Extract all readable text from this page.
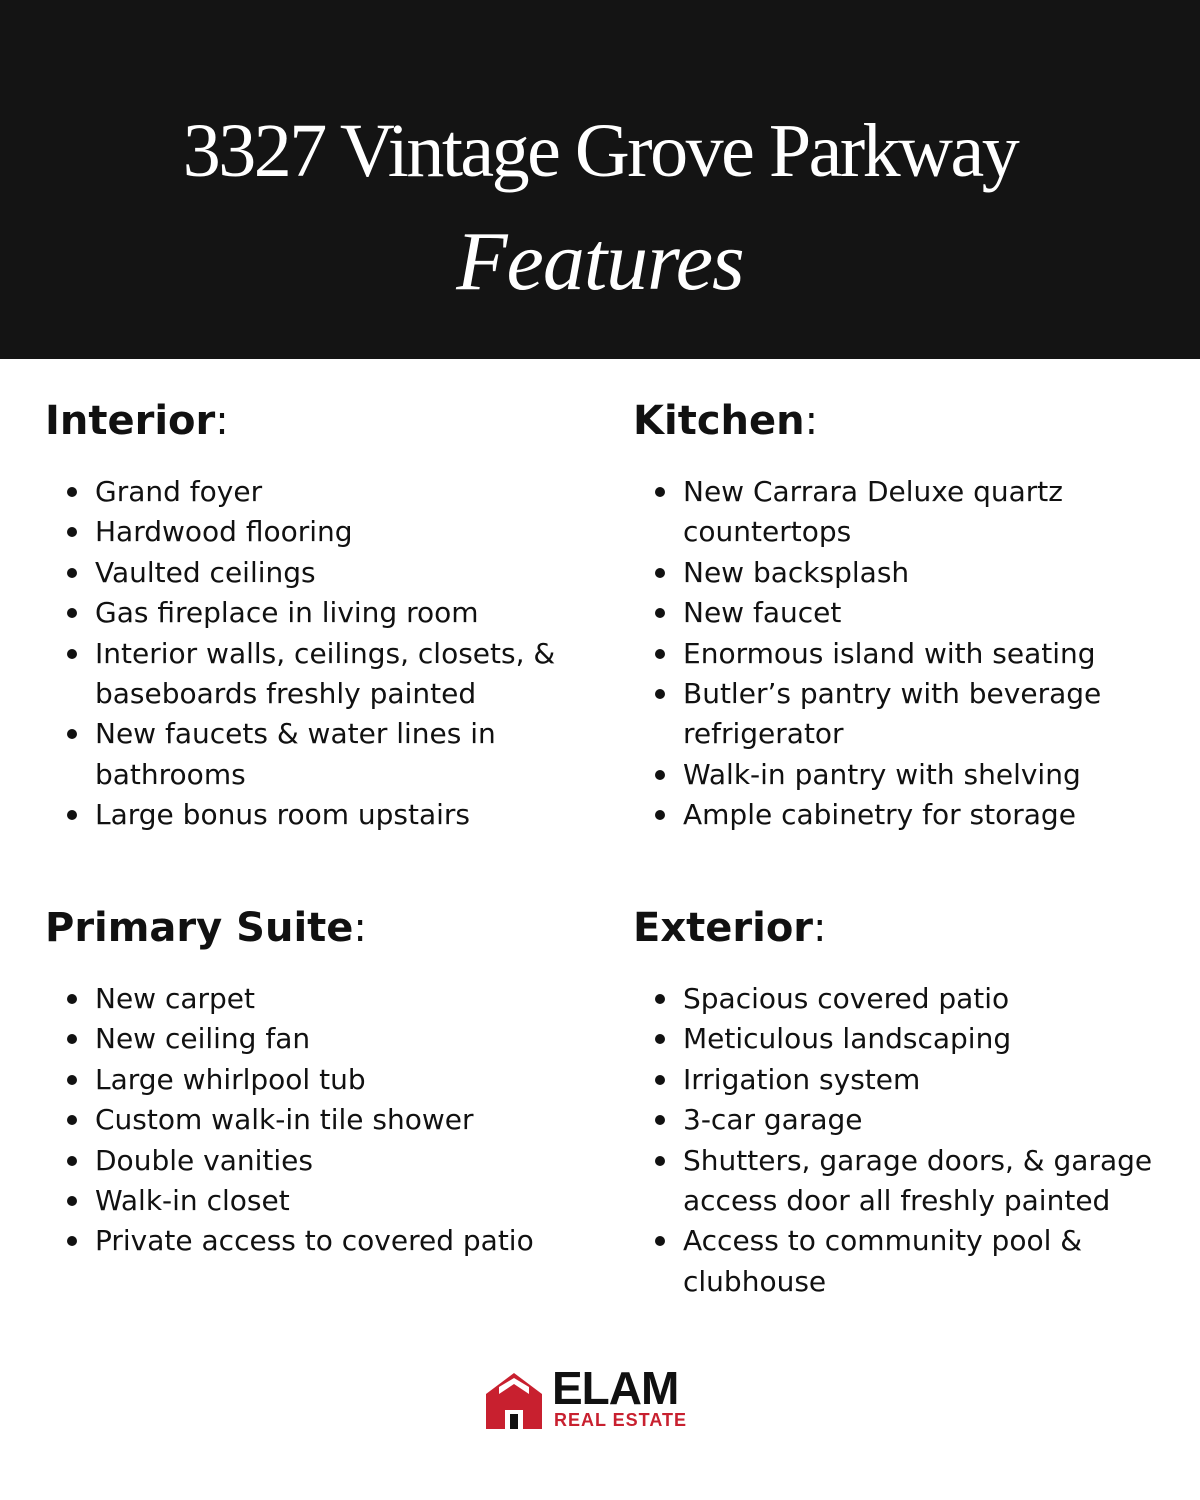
3327 Vintage Grove Parkway
Features
Interior:
Grand foyer
Hardwood flooring
Vaulted ceilings
Gas fireplace in living room
Interior walls, ceilings, closets, & baseboards freshly painted
New faucets & water lines in bathrooms
Large bonus room upstairs
Kitchen:
New Carrara Deluxe quartz countertops
New backsplash
New faucet
Enormous island with seating
Butler’s pantry with beverage refrigerator
Walk-in pantry with shelving
Ample cabinetry for storage
Primary Suite:
New carpet
New ceiling fan
Large whirlpool tub
Custom walk-in tile shower
Double vanities
Walk-in closet
Private access to covered patio
Exterior:
Spacious covered patio
Meticulous landscaping
Irrigation system
3-car garage
Shutters, garage doors, & garage access door all freshly painted
Access to community pool & clubhouse
ELAM
REAL ESTATE
